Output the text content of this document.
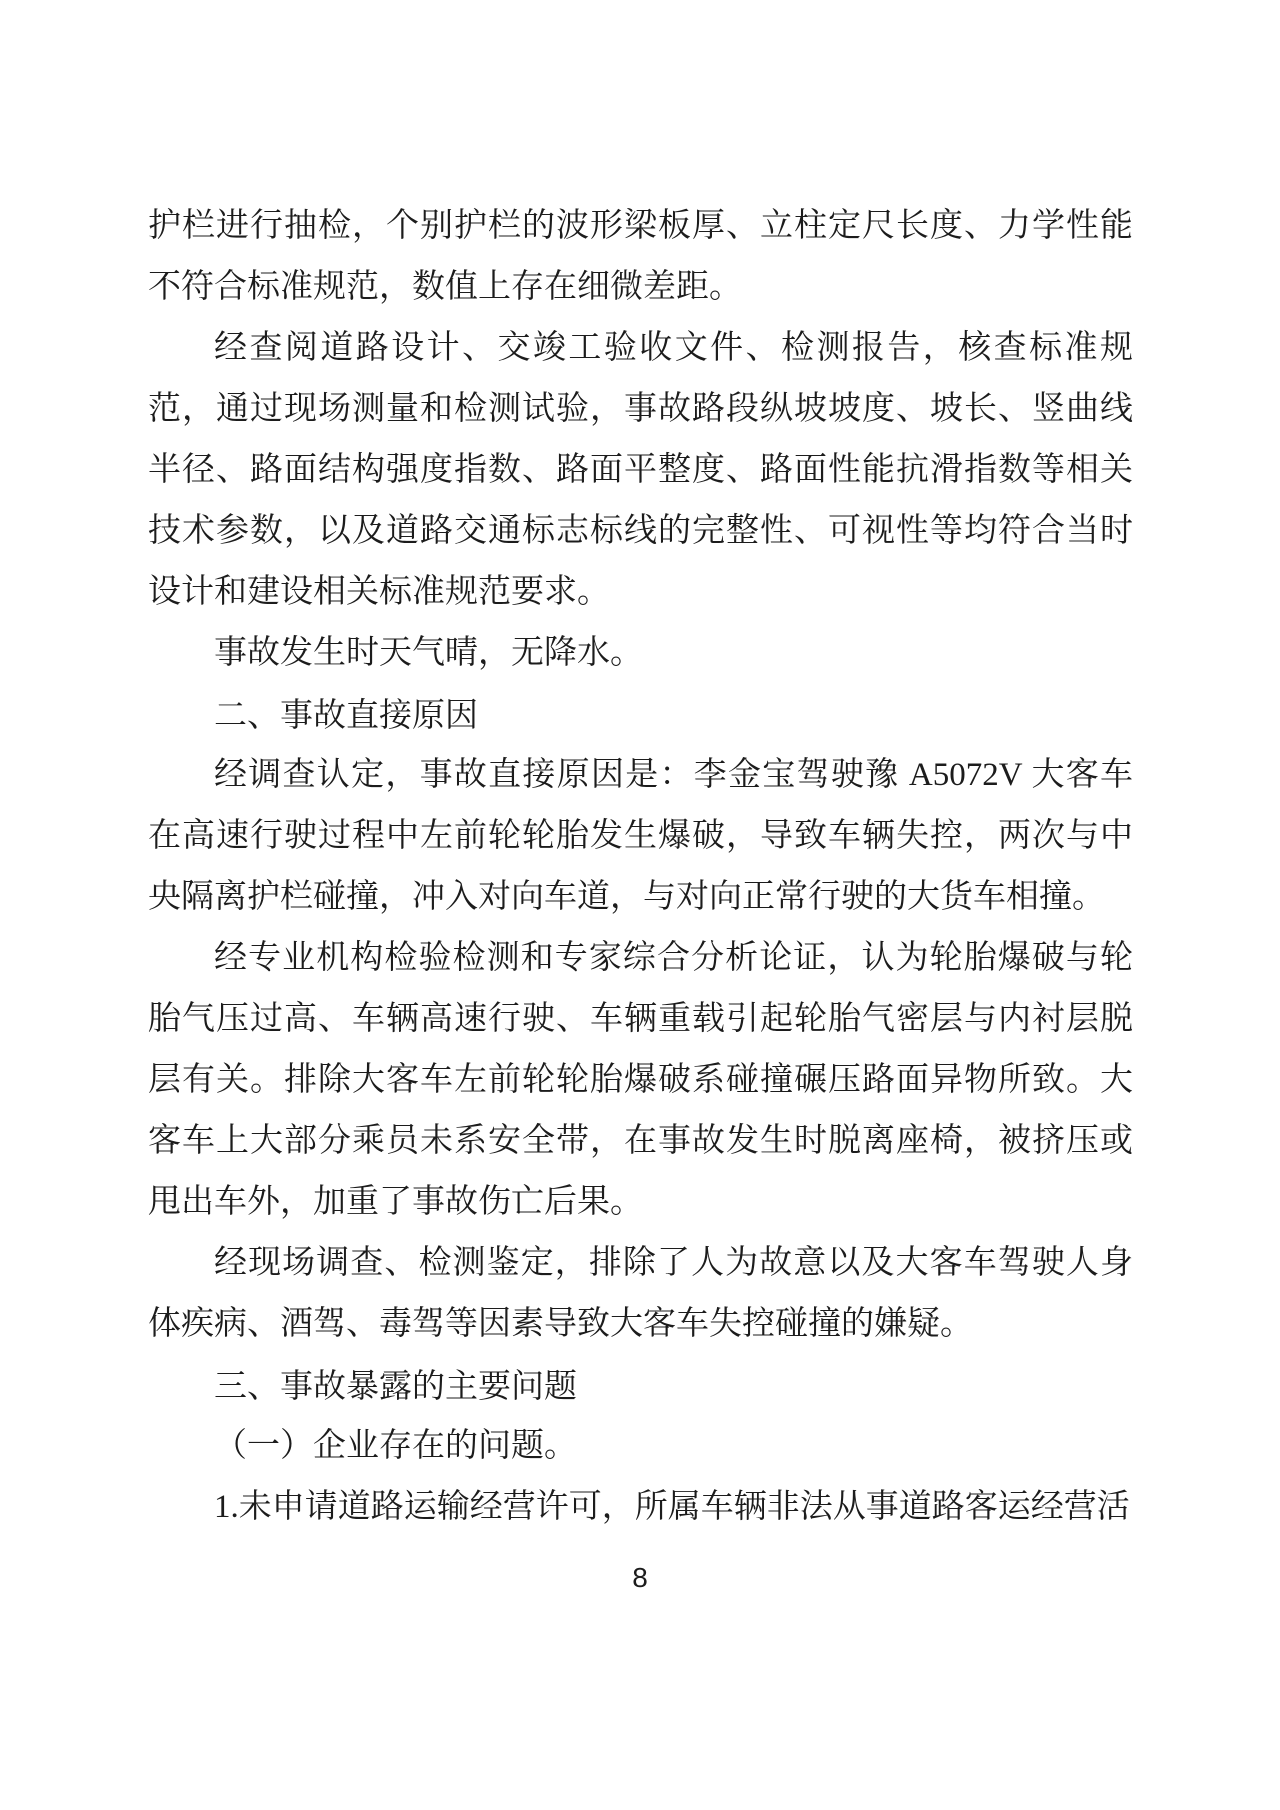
护栏进行抽检，个别护栏的波形梁板厚、立柱定尺长度、力学性能不符合标准规范，数值上存在细微差距。

经查阅道路设计、交竣工验收文件、检测报告，核查标准规范，通过现场测量和检测试验，事故路段纵坡坡度、坡长、竖曲线半径、路面结构强度指数、路面平整度、路面性能抗滑指数等相关技术参数，以及道路交通标志标线的完整性、可视性等均符合当时设计和建设相关标准规范要求。

事故发生时天气晴，无降水。

二、事故直接原因

经调查认定，事故直接原因是：李金宝驾驶豫 A5072V 大客车在高速行驶过程中左前轮轮胎发生爆破，导致车辆失控，两次与中央隔离护栏碰撞，冲入对向车道，与对向正常行驶的大货车相撞。

经专业机构检验检测和专家综合分析论证，认为轮胎爆破与轮胎气压过高、车辆高速行驶、车辆重载引起轮胎气密层与内衬层脱层有关。排除大客车左前轮轮胎爆破系碰撞碾压路面异物所致。大客车上大部分乘员未系安全带，在事故发生时脱离座椅，被挤压或甩出车外，加重了事故伤亡后果。

经现场调查、检测鉴定，排除了人为故意以及大客车驾驶人身体疾病、酒驾、毒驾等因素导致大客车失控碰撞的嫌疑。

三、事故暴露的主要问题

（一）企业存在的问题。

1.未申请道路运输经营许可，所属车辆非法从事道路客运经营活

8
